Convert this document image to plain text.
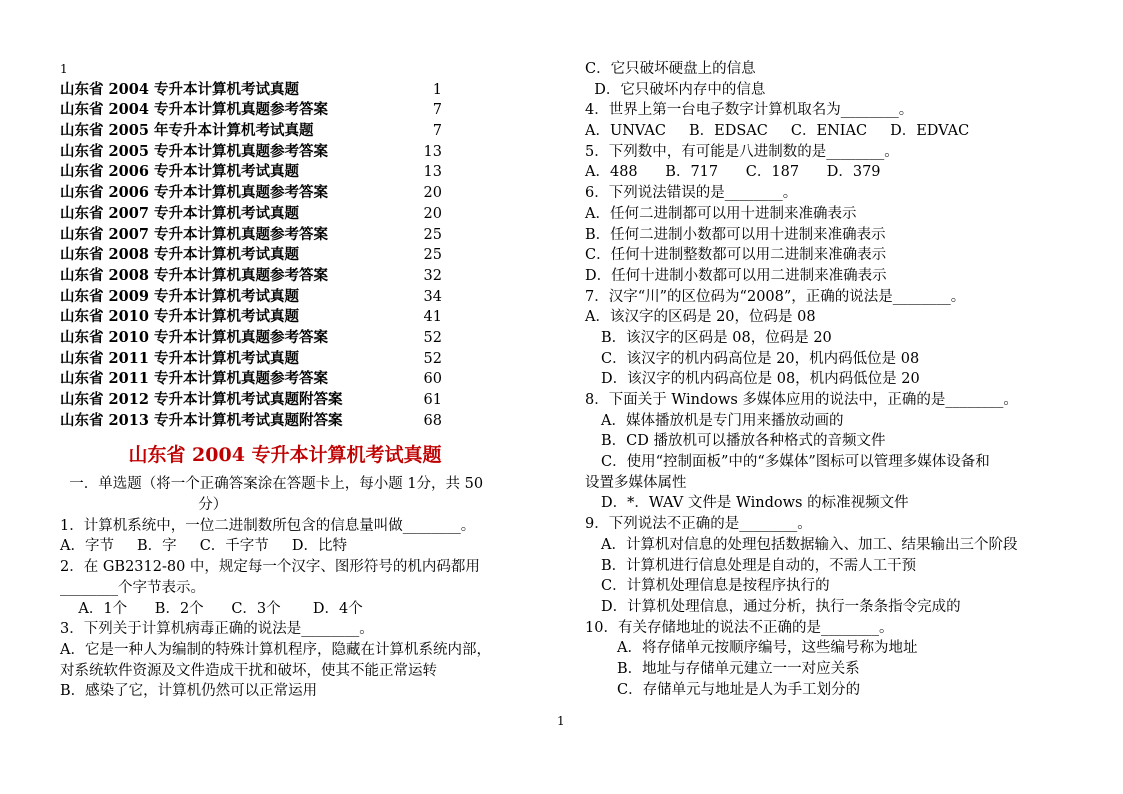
1
山东省 2004 专升本计算机考试真题	1
山东省 2004 专升本计算机真题参考答案	7
山东省 2005 年专升本计算机考试真题	7
山东省 2005 专升本计算机真题参考答案	13
山东省 2006 专升本计算机考试真题	13
山东省 2006 专升本计算机真题参考答案	20
山东省 2007 专升本计算机考试真题	20
山东省 2007 专升本计算机真题参考答案	25
山东省 2008 专升本计算机考试真题	25
山东省 2008 专升本计算机真题参考答案	32
山东省 2009 专升本计算机考试真题	34
山东省 2010 专升本计算机考试真题	41
山东省 2010 专升本计算机真题参考答案	52
山东省 2011 专升本计算机考试真题	52
山东省 2011 专升本计算机真题参考答案	60
山东省 2012 专升本计算机考试真题附答案	61
山东省 2013 专升本计算机考试真题附答案	68
山东省 2004 专升本计算机考试真题
一．单选题（将一个正确答案涂在答题卡上，每小题 1分，共 50
分）
1．计算机系统中，一位二进制数所包含的信息量叫做________。
A．字节     B．字     C．千字节     D．比特
2．在 GB2312-80 中，规定每一个汉字、图形符号的机内码都用
________个字节表示。
A．1个      B．2个      C．3个       D．4个
3．下列关于计算机病毒正确的说法是________。
A．它是一种人为编制的特殊计算机程序，隐藏在计算机系统内部，
对系统软件资源及文件造成干扰和破坏，使其不能正常运转
B．感染了它，计算机仍然可以正常运用
C．它只破坏硬盘上的信息
D．它只破坏内存中的信息
4．世界上第一台电子数字计算机取名为________。
A．UNVAC     B．EDSAC     C．ENIAC     D．EDVAC
5．下列数中，有可能是八进制数的是________。
A．488      B．717      C．187      D．379
6．下列说法错误的是________。
A．任何二进制都可以用十进制来准确表示
B．任何二进制小数都可以用十进制来准确表示
C．任何十进制整数都可以用二进制来准确表示
D．任何十进制小数都可以用二进制来准确表示
7．汉字“川”的区位码为“2008”，正确的说法是________。
A．该汉字的区码是 20，位码是 08
B．该汉字的区码是 08，位码是 20
C．该汉字的机内码高位是 20，机内码低位是 08
D．该汉字的机内码高位是 08，机内码低位是 20
8．下面关于 Windows 多媒体应用的说法中，正确的是________。
A．媒体播放机是专门用来播放动画的
B．CD 播放机可以播放各种格式的音频文件
C．使用“控制面板”中的“多媒体”图标可以管理多媒体设备和
设置多媒体属性
D．*．WAV 文件是 Windows 的标准视频文件
9．下列说法不正确的是________。
A．计算机对信息的处理包括数据输入、加工、结果输出三个阶段
B．计算机进行信息处理是自动的，不需人工干预
C．计算机处理信息是按程序执行的
D．计算机处理信息，通过分析，执行一条条指令完成的
10．有关存储地址的说法不正确的是________。
A．将存储单元按顺序编号，这些编号称为地址
B．地址与存储单元建立一一对应关系
C．存储单元与地址是人为手工划分的
1
